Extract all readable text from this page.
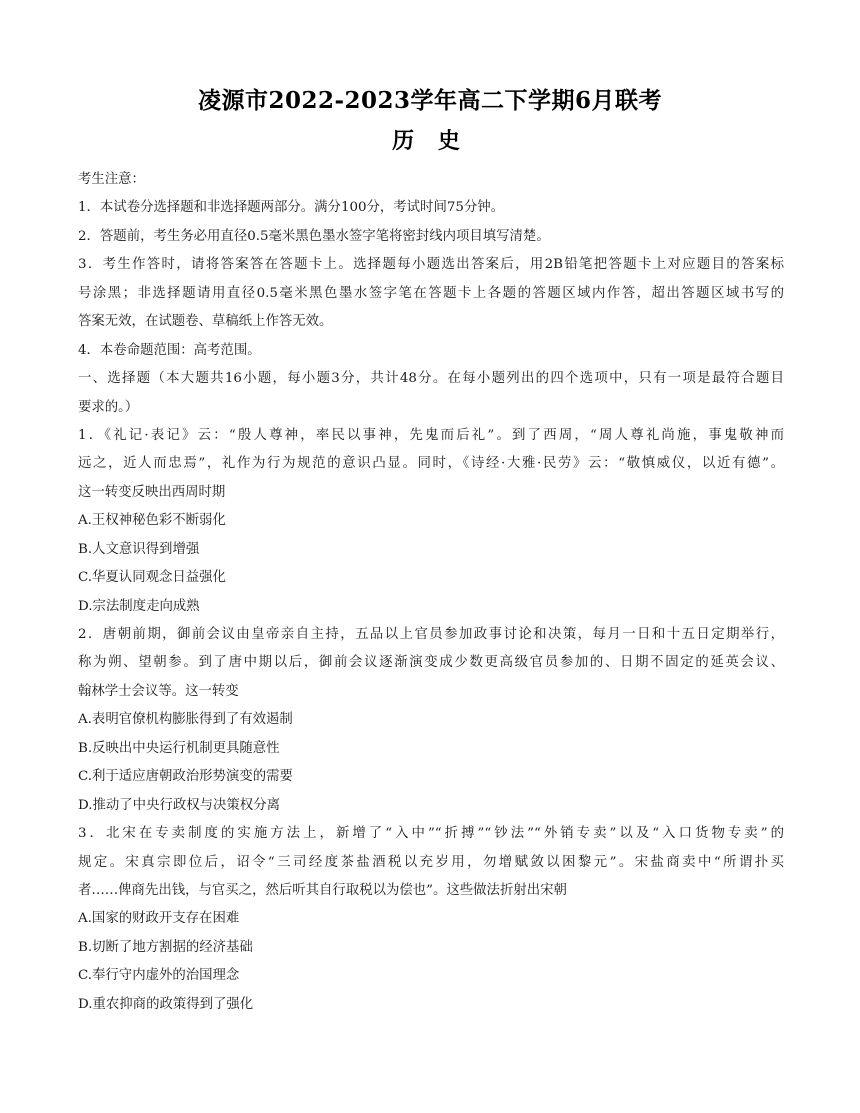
凌源市2022-2023学年高二下学期6月联考
历 史
考生注意：
1．本试卷分选择题和非选择题两部分。满分100分，考试时间75分钟。
2．答题前，考生务必用直径0.5毫米黑色墨水签字笔将密封线内项目填写清楚。
3．考生作答时，请将答案答在答题卡上。选择题每小题选出答案后，用2B铅笔把答题卡上对应题目的答案标
号涂黑；非选择题请用直径0.5毫米黑色墨水签字笔在答题卡上各题的答题区域内作答，超出答题区域书写的
答案无效，在试题卷、草稿纸上作答无效。
4．本卷命题范围：高考范围。
一、选择题（本大题共16小题，每小题3分，共计48分。在每小题列出的四个选项中，只有一项是最符合题目
要求的。）
1．《礼记·表记》云：“殷人尊神，率民以事神，先鬼而后礼”。到了西周，“周人尊礼尚施，事鬼敬神而
远之，近人而忠焉”，礼作为行为规范的意识凸显。同时，《诗经·大雅·民劳》云：“敬慎威仪，以近有德”。
这一转变反映出西周时期
A.王权神秘色彩不断弱化
B.人文意识得到增强
C.华夏认同观念日益强化
D.宗法制度走向成熟
2．唐朝前期，御前会议由皇帝亲自主持，五品以上官员参加政事讨论和决策，每月一日和十五日定期举行，
称为朔、望朝参。到了唐中期以后，御前会议逐渐演变成少数更高级官员参加的、日期不固定的延英会议、
翰林学士会议等。这一转变
A.表明官僚机构膨胀得到了有效遏制
B.反映出中央运行机制更具随意性
C.利于适应唐朝政治形势演变的需要
D.推动了中央行政权与决策权分离
3．北宋在专卖制度的实施方法上，新增了“入中”“折搏”“钞法”“外销专卖”以及“入口货物专卖”的
规定。宋真宗即位后，诏令“三司经度茶盐酒税以充岁用，勿增赋敛以困黎元”。宋盐商卖中“所谓扑买
者……俾商先出钱，与官买之，然后听其自行取税以为偿也”。这些做法折射出宋朝
A.国家的财政开支存在困难
B.切断了地方割据的经济基础
C.奉行守内虚外的治国理念
D.重农抑商的政策得到了强化
